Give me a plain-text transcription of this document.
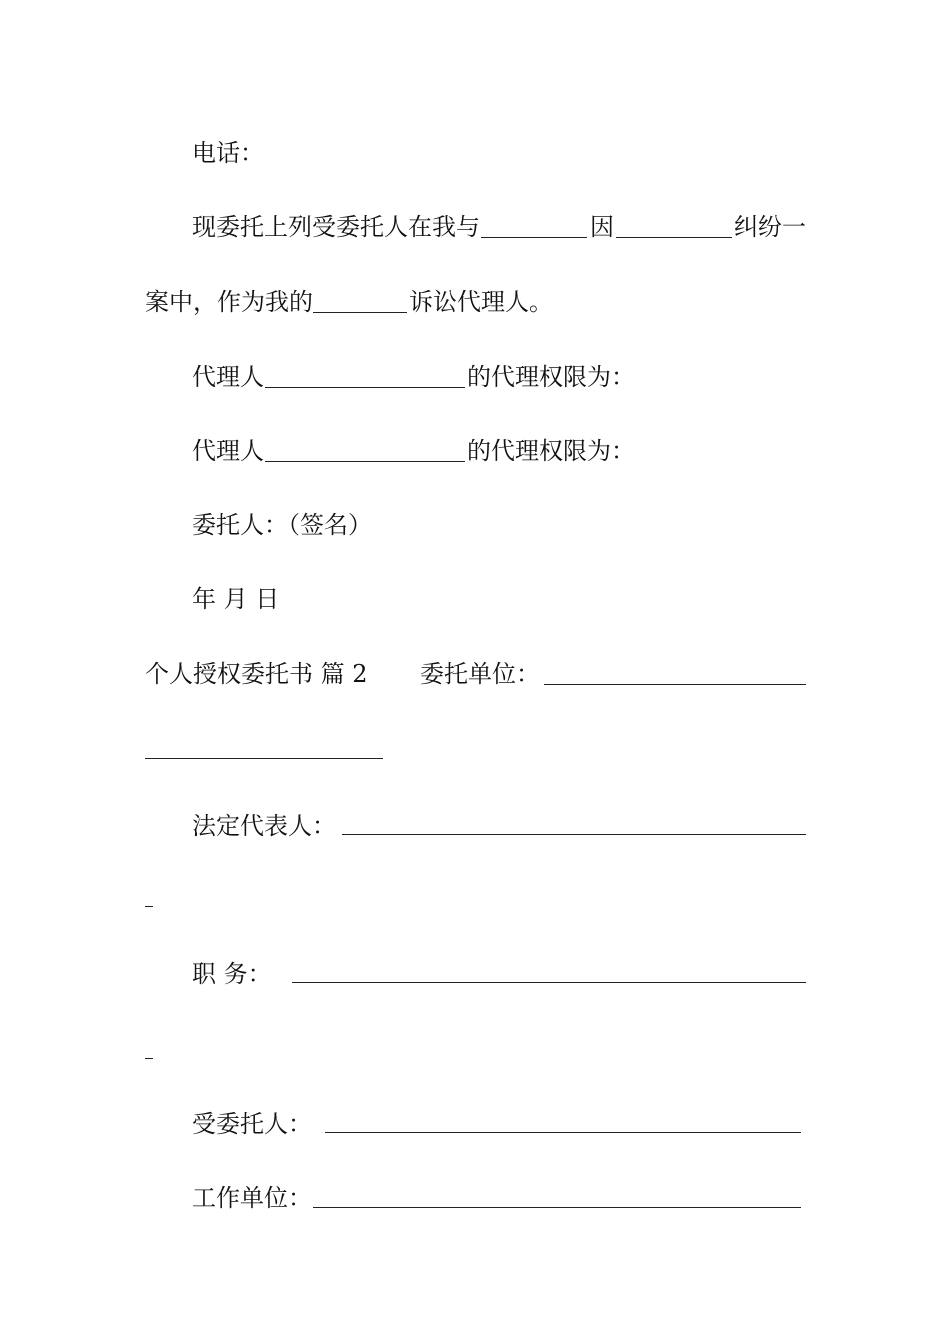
电话：
现委托上列受委托人在我与	因	纠纷一
案中，作为我的	诉讼代理人。
代理人	的代理权限为：
代理人	的代理权限为：
委托人：（签名）
年 月 日
个人授权委托书 篇 2 委托单位：
法定代表人：
职 务：
受委托人：
工作单位：
